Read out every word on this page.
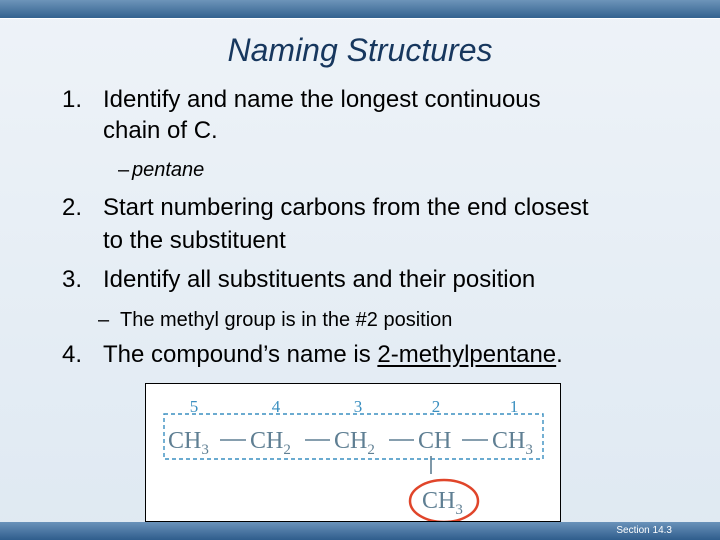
Naming Structures
1. Identify and name the longest continuous
chain of C.
– pentane
2. Start numbering carbons from the end closest
to the substituent
3. Identify all substituents and their position
– The methyl group is in the #2 position
4. The compound’s name is 2-methylpentane.
5	4	3	2	1
$CH_3$ $CH_2$ $CH_2$ CH $CH_3$
$CH_3$
Section 14.3
